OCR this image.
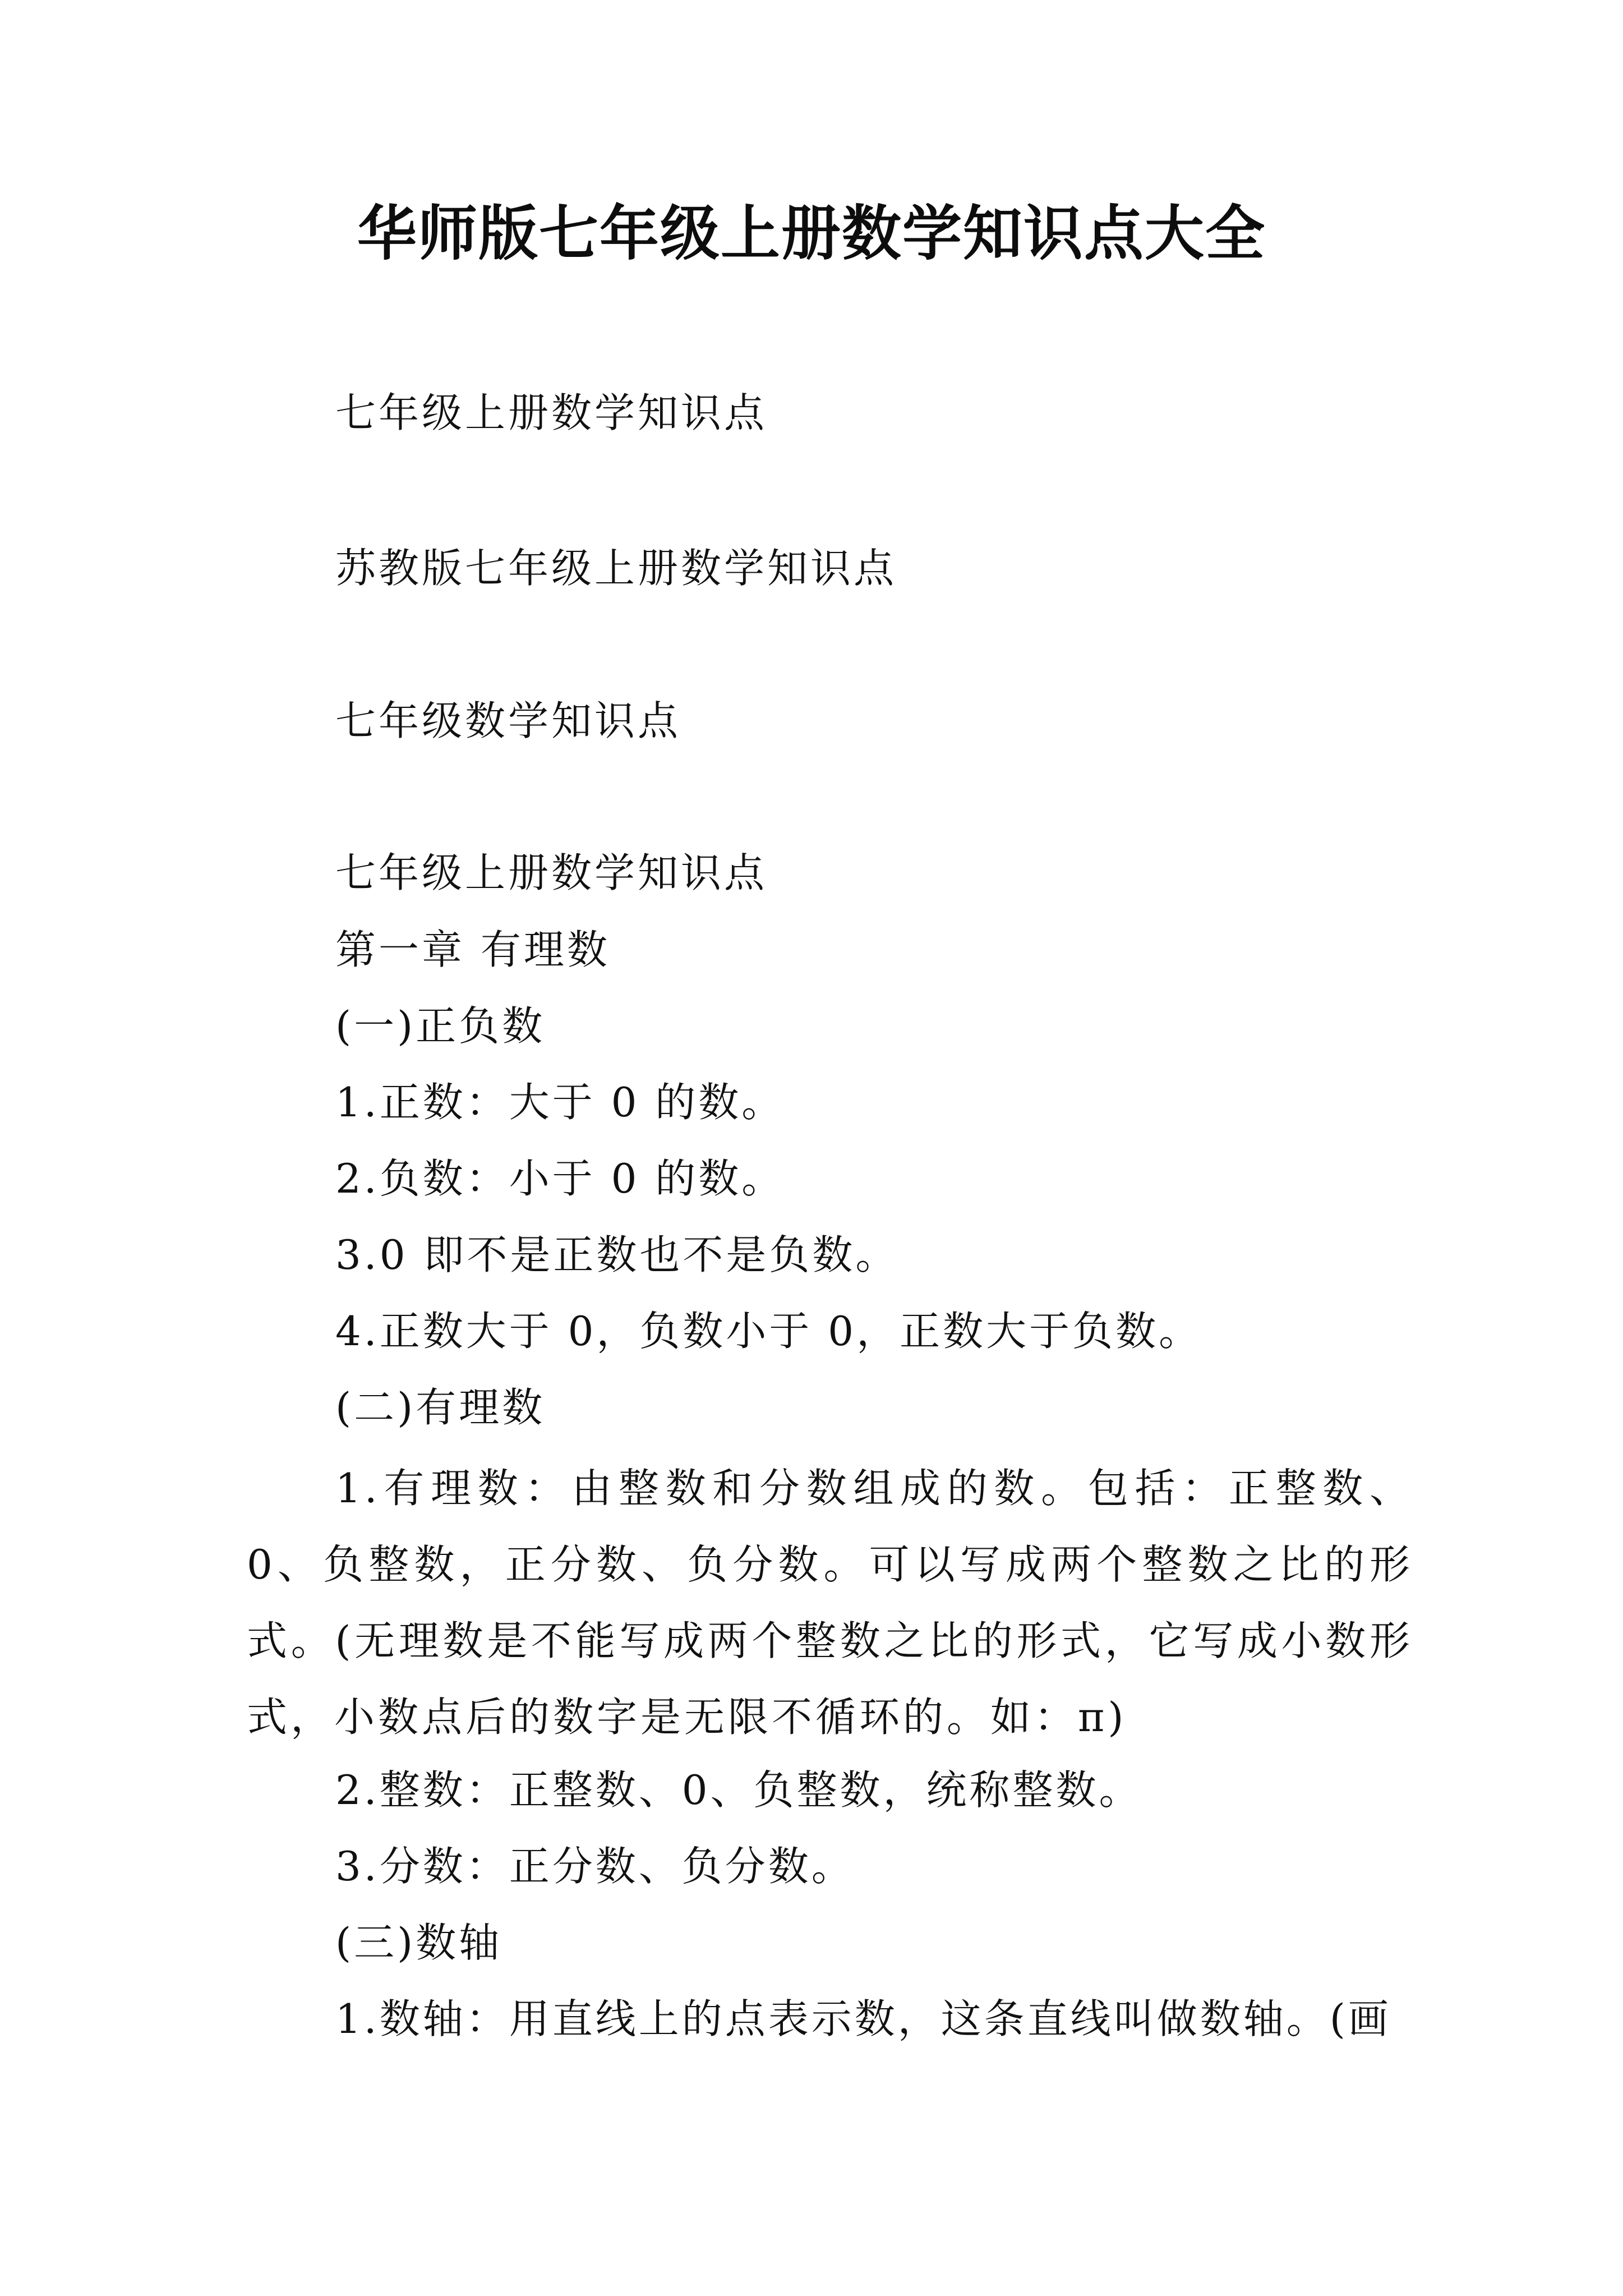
华师版七年级上册数学知识点大全
七年级上册数学知识点
苏教版七年级上册数学知识点
七年级数学知识点
七年级上册数学知识点
第一章 有理数
(一)正负数
1.正数：大于 0 的数。
2.负数：小于 0 的数。
3.0 即不是正数也不是负数。
4.正数大于 0，负数小于 0，正数大于负数。
(二)有理数

1.有理数：由整数和分数组成的数。包括：正整数、0、负整数，正分数、负分数。可以写成两个整数之比的形式。(无理数是不能写成两个整数之比的形式，它写成小数形式，小数点后的数字是无限不循环的。如：π)

2.整数：正整数、0、负整数，统称整数。
3.分数：正分数、负分数。
(三)数轴
1.数轴：用直线上的点表示数，这条直线叫做数轴。(画
